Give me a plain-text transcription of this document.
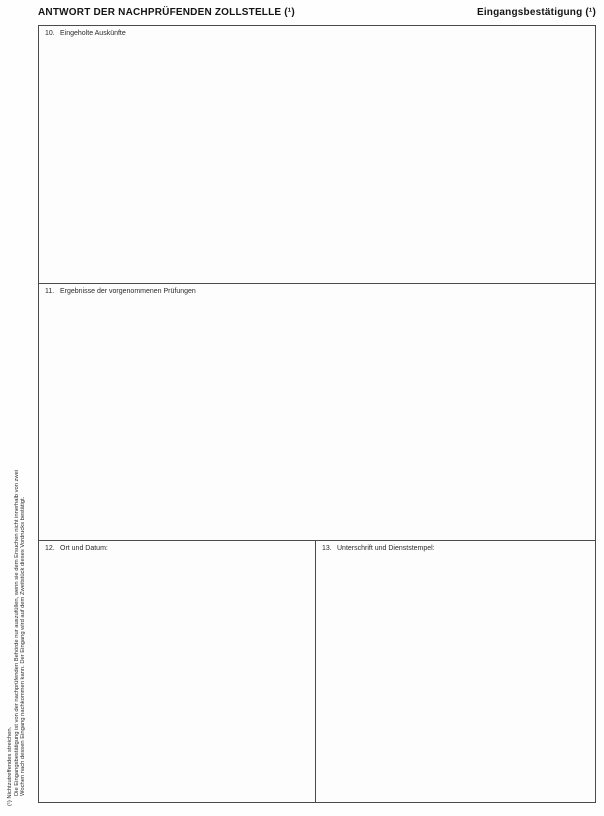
ANTWORT DER NACHPRÜFENDEN ZOLLSTELLE (¹)	Eingangsbestätigung (¹)
10. Eingeholte Auskünfte
11. Ergebnisse der vorgenommenen Prüfungen
12. Ort und Datum:	13. Unterschrift und Dienststempel:
(¹) Nichtzutreffendes streichen. Die Eingangsbestätigung ist von der nachprüfenden Behörde nur auszufüllen, wenn sie dem Ersuchen nicht innerhalb von zwei Wochen nach dessen Eingang nachkommen kann. Der Eingang wird auf dem Zweitstück dieses Vordrucks bestätigt.
